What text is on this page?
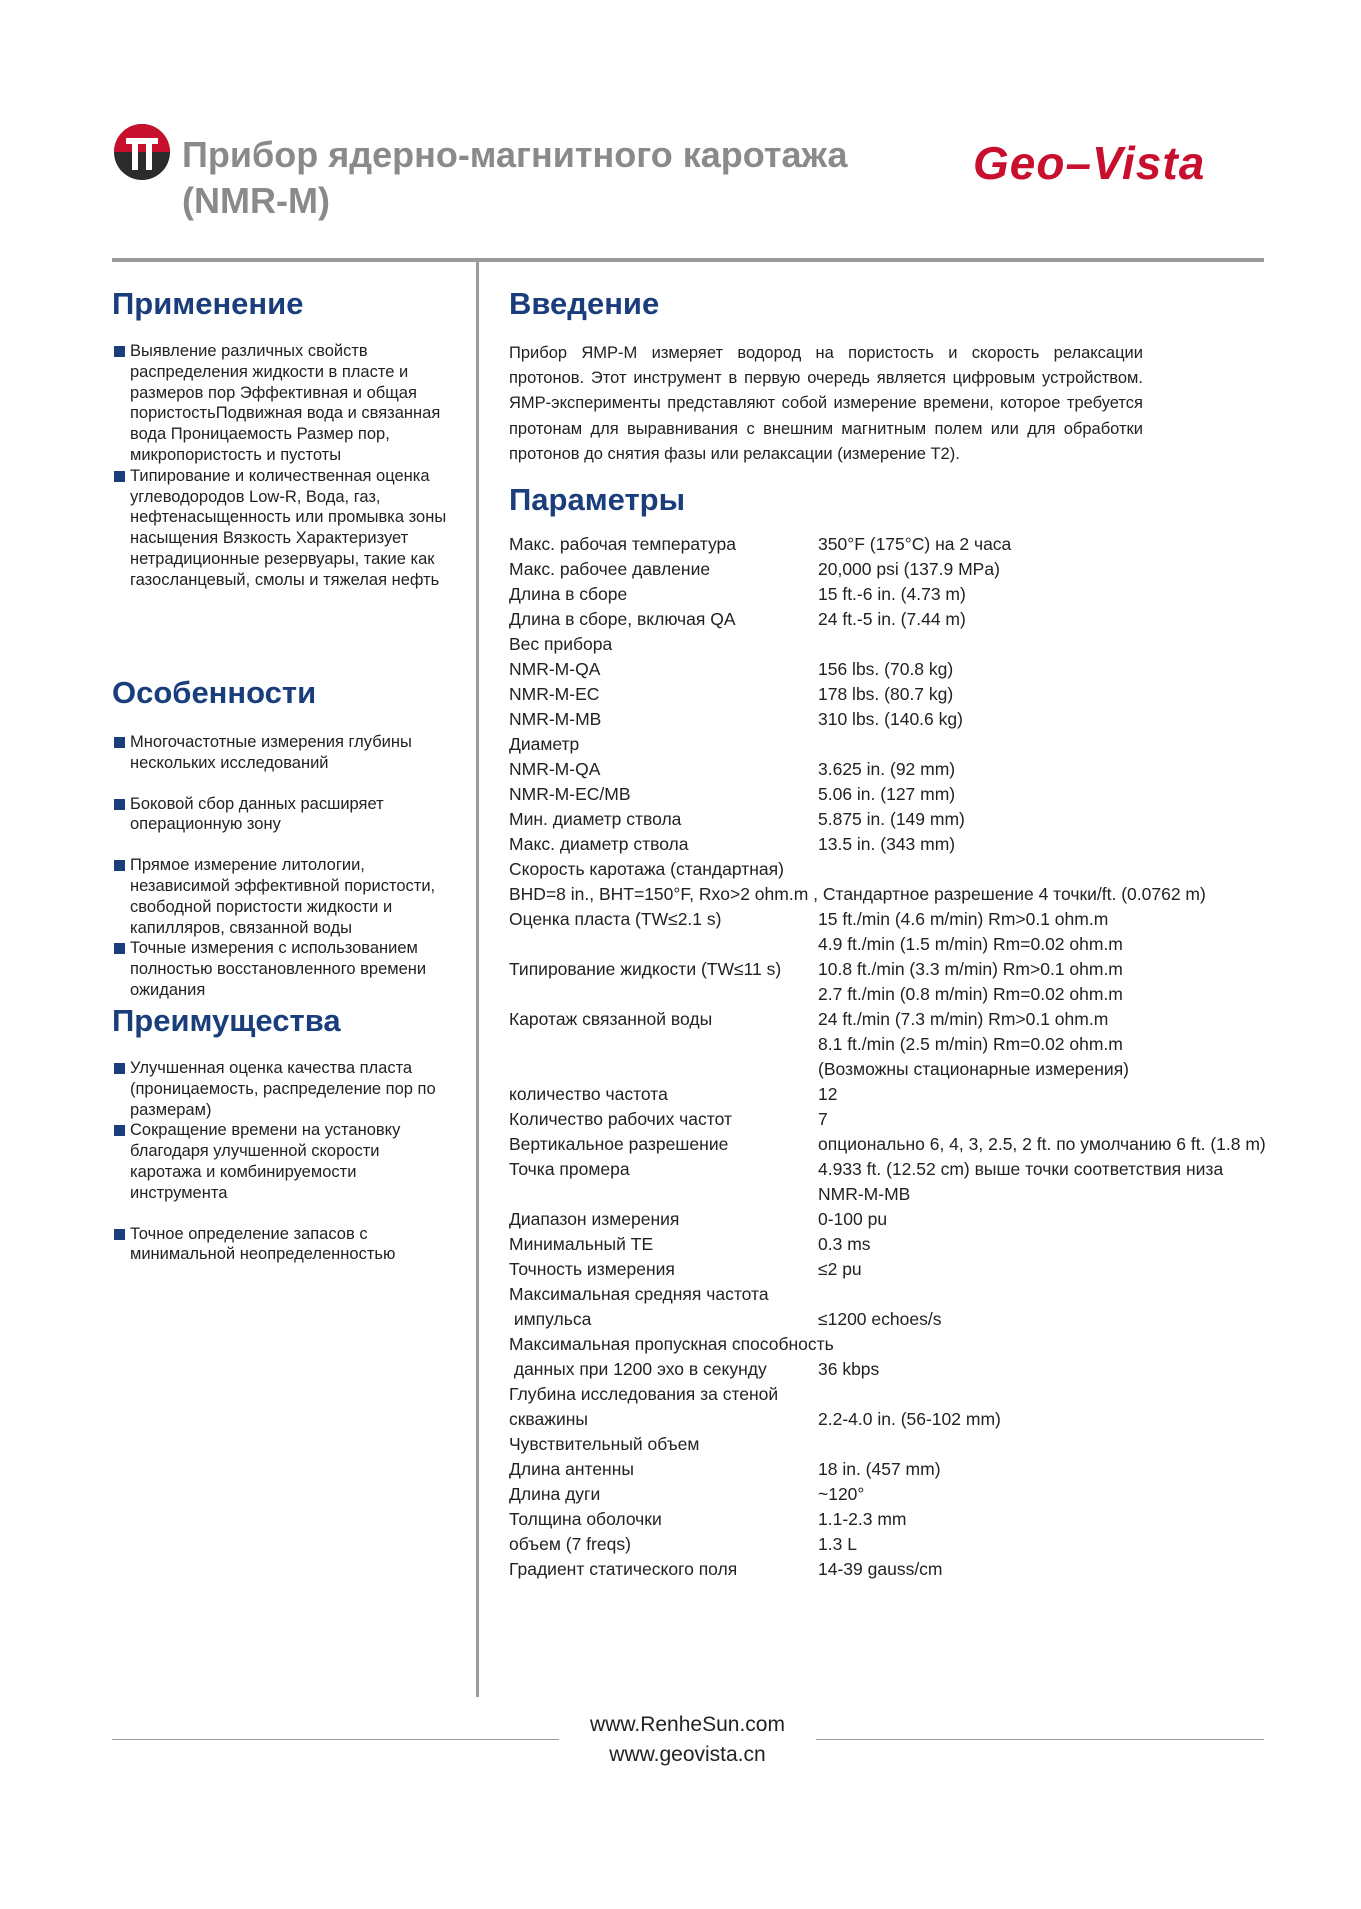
Прибор ядерно-магнитного каротажа
(NMR-M)
Geo–Vista
Применение
Выявление различных свойств распределения жидкости в пласте и размеров пор Эффективная и общая пористостьПодвижная вода и связанная
вода Проницаемость Размер пор, микропористость и пустоты
Типирование и количественная оценка углеводородов Low-R, Вода, газ, нефтенасыщенность или промывка зоны насыщения Вязкость Характеризует нетрадиционные резервуары, такие как газосланцевый, смолы и тяжелая нефть
Особенности
Многочастотные измерения глубины нескольких исследований
Боковой сбор данных расширяет операционную зону
Прямое измерение литологии, независимой эффективной пористости, свободной пористости жидкости и капилляров, связанной воды
Точные измерения с использованием полностью восстановленного времени ожидания
Преимущества
Улучшенная оценка качества пласта (проницаемость, распределение пор по размерам)
Сокращение времени на установку благодаря улучшенной скорости каротажа и комбинируемости инструмента
Точное определение запасов с минимальной неопределенностью
Введение
Прибор ЯМР-М измеряет водород на пористость и скорость релаксации протонов. Этот инструмент в первую очередь является цифровым устройством. ЯМР-эксперименты представляют собой измерение времени, которое требуется протонам для выравнивания с внешним магнитным полем или для обработки протонов до снятия фазы или релаксации (измерение T2).
Параметры
Макс. рабочая температура	350°F (175°C) на 2 часа
Макс. рабочее давление	20,000 psi (137.9 MPa)
Длина в сборе	15 ft.-6 in. (4.73 m)
Длина в сборе, включая QA	24 ft.-5 in. (7.44 m)
Вес прибора
NMR-M-QA	156 lbs. (70.8 kg)
NMR-M-EC	178 lbs. (80.7 kg)
NMR-M-MB	310 lbs. (140.6 kg)
Диаметр
NMR-M-QA	3.625 in. (92 mm)
NMR-M-EC/MB	5.06 in. (127 mm)
Мин. диаметр ствола	5.875 in. (149 mm)
Макс. диаметр ствола	13.5 in. (343 mm)
Скорость каротажа (стандартная)
BHD=8 in., BHT=150°F, Rxo>2 ohm.m , Стандартное разрешение 4 точки/ft. (0.0762 m)
Оценка пласта (TW≤2.1 s)	15 ft./min (4.6 m/min) Rm>0.1 ohm.m
4.9 ft./min (1.5 m/min) Rm=0.02 ohm.m
Типирование жидкости (TW≤11 s)	10.8 ft./min (3.3 m/min) Rm>0.1 ohm.m
2.7 ft./min (0.8 m/min) Rm=0.02 ohm.m
Каротаж связанной воды	24 ft./min (7.3 m/min) Rm>0.1 ohm.m
8.1 ft./min (2.5 m/min) Rm=0.02 ohm.m
(Возможны стационарные измерения)
количество частота	12
Количество рабочих частот	7
Вертикальное разрешение	опционально 6, 4, 3, 2.5, 2 ft. по умолчанию 6 ft. (1.8 m)
Точка промера	4.933 ft. (12.52 cm) выше точки соответствия низа
NMR-M-MB
Диапазон измерения	0-100 pu
Минимальный TE	0.3 ms
Точность измерения	≤2 pu
Максимальная средняя частота
импульса	≤1200 echoes/s
Максимальная пропускная способность
данных при 1200 эхо в секунду	36 kbps
Глубина исследования за стеной
скважины	2.2-4.0 in. (56-102 mm)
Чувствительный объем
Длина антенны	18 in. (457 mm)
Длина дуги	~120°
Толщина оболочки	1.1-2.3 mm
объем (7 freqs)	1.3 L
Градиент статического поля	14-39 gauss/cm
www.RenheSun.com
www.geovista.cn
